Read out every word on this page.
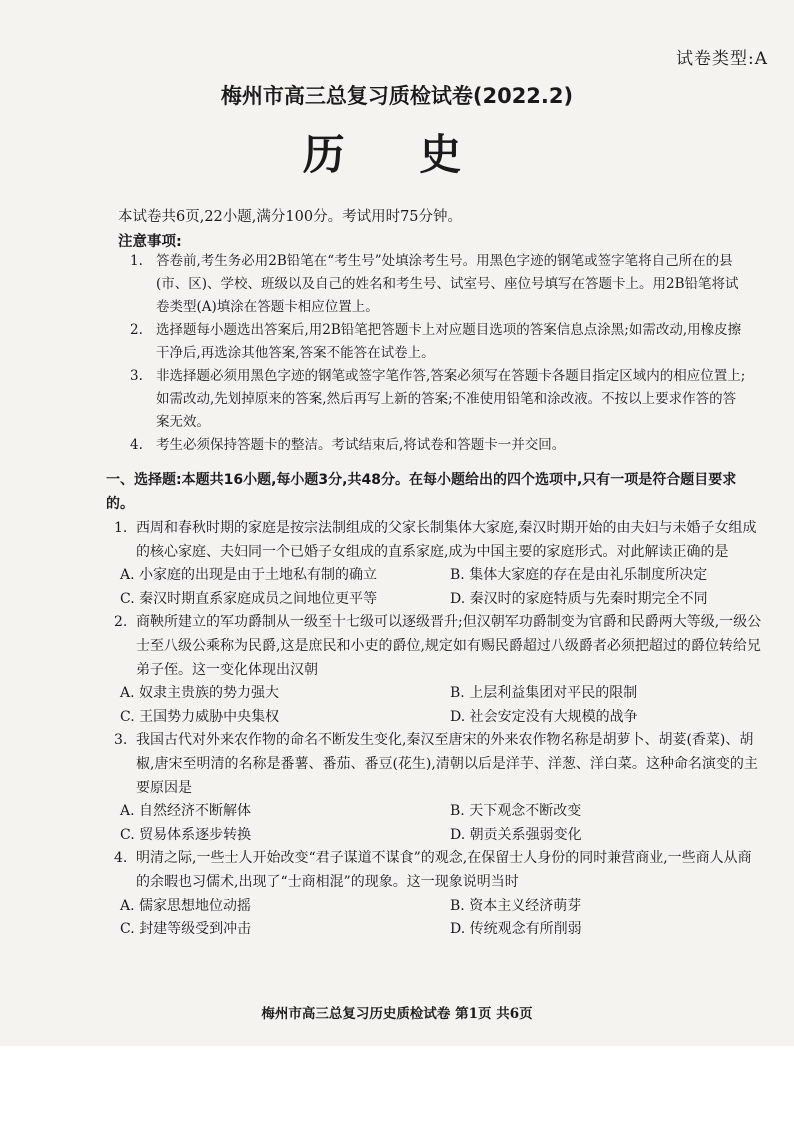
试卷类型:A
梅州市高三总复习质检试卷(2022.2)
历 史
本试卷共6页,22小题,满分100分。考试用时75分钟。
注意事项:
1. 答卷前,考生务必用2B铅笔在“考生号”处填涂考生号。用黑色字迹的钢笔或签字笔将自己所在的县(市、区)、学校、班级以及自己的姓名和考生号、试室号、座位号填写在答题卡上。用2B铅笔将试卷类型(A)填涂在答题卡相应位置上。
2. 选择题每小题选出答案后,用2B铅笔把答题卡上对应题目选项的答案信息点涂黑;如需改动,用橡皮擦干净后,再选涂其他答案,答案不能答在试卷上。
3. 非选择题必须用黑色字迹的钢笔或签字笔作答,答案必须写在答题卡各题目指定区域内的相应位置上;如需改动,先划掉原来的答案,然后再写上新的答案;不准使用铅笔和涂改液。不按以上要求作答的答案无效。
4. 考生必须保持答题卡的整洁。考试结束后,将试卷和答题卡一并交回。
一、选择题:本题共16小题,每小题3分,共48分。在每小题给出的四个选项中,只有一项是符合题目要求的。
1. 西周和春秋时期的家庭是按宗法制组成的父家长制集体大家庭,秦汉时期开始的由夫妇与未婚子女组成的核心家庭、夫妇同一个已婚子女组成的直系家庭,成为中国主要的家庭形式。对此解读正确的是
A. 小家庭的出现是由于土地私有制的确立	B. 集体大家庭的存在是由礼乐制度所决定
C. 秦汉时期直系家庭成员之间地位更平等	D. 秦汉时的家庭特质与先秦时期完全不同
2. 商鞅所建立的军功爵制从一级至十七级可以逐级晋升;但汉朝军功爵制变为官爵和民爵两大等级,一级公士至八级公乘称为民爵,这是庶民和小吏的爵位,规定如有赐民爵超过八级爵者必须把超过的爵位转给兄弟子侄。这一变化体现出汉朝
A. 奴隶主贵族的势力强大	B. 上层利益集团对平民的限制
C. 王国势力威胁中央集权	D. 社会安定没有大规模的战争
3. 我国古代对外来农作物的命名不断发生变化,秦汉至唐宋的外来农作物名称是胡萝卜、胡荽(香菜)、胡椒,唐宋至明清的名称是番薯、番茄、番豆(花生),清朝以后是洋芋、洋葱、洋白菜。这种命名演变的主要原因是
A. 自然经济不断解体	B. 天下观念不断改变
C. 贸易体系逐步转换	D. 朝贡关系强弱变化
4. 明清之际,一些士人开始改变“君子谋道不谋食”的观念,在保留士人身份的同时兼营商业,一些商人从商的余暇也习儒术,出现了“士商相混”的现象。这一现象说明当时
A. 儒家思想地位动摇	B. 资本主义经济萌芽
C. 封建等级受到冲击	D. 传统观念有所削弱
梅州市高三总复习历史质检试卷 第1页 共6页
